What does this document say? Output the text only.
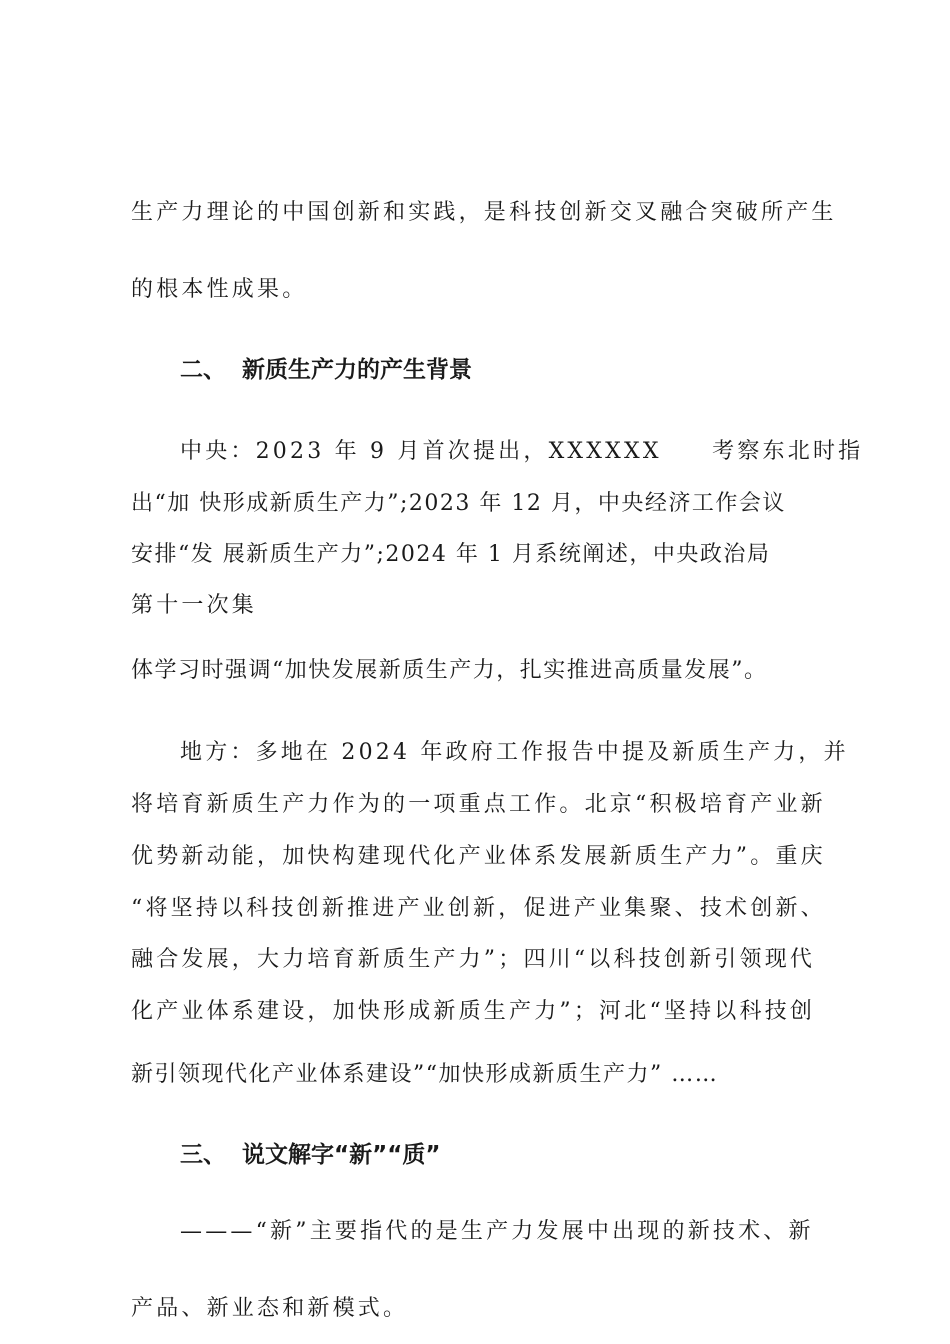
生产力理论的中国创新和实践，是科技创新交叉融合突破所产生
的根本性成果。
二、 新质生产力的产生背景
中央：2023 年 9 月首次提出，XXXXXX　　考察东北时指
出“加 快形成新质生产力”;2023 年 12 月，中央经济工作会议
安排“发 展新质生产力”;2024 年 1 月系统阐述，中央政治局
第十一次集
体学习时强调“加快发展新质生产力，扎实推进高质量发展”。
地方：多地在 2024 年政府工作报告中提及新质生产力，并
将培育新质生产力作为的一项重点工作。北京“积极培育产业新
优势新动能，加快构建现代化产业体系发展新质生产力”。重庆
“将坚持以科技创新推进产业创新，促进产业集聚、技术创新、
融合发展，大力培育新质生产力”；四川“以科技创新引领现代
化产业体系建设，加快形成新质生产力”；河北“坚持以科技创
新引领现代化产业体系建设”“加快形成新质生产力” ……
三、 说文解字“新”“质”
———“新”主要指代的是生产力发展中出现的新技术、新
产品、新业态和新模式。
